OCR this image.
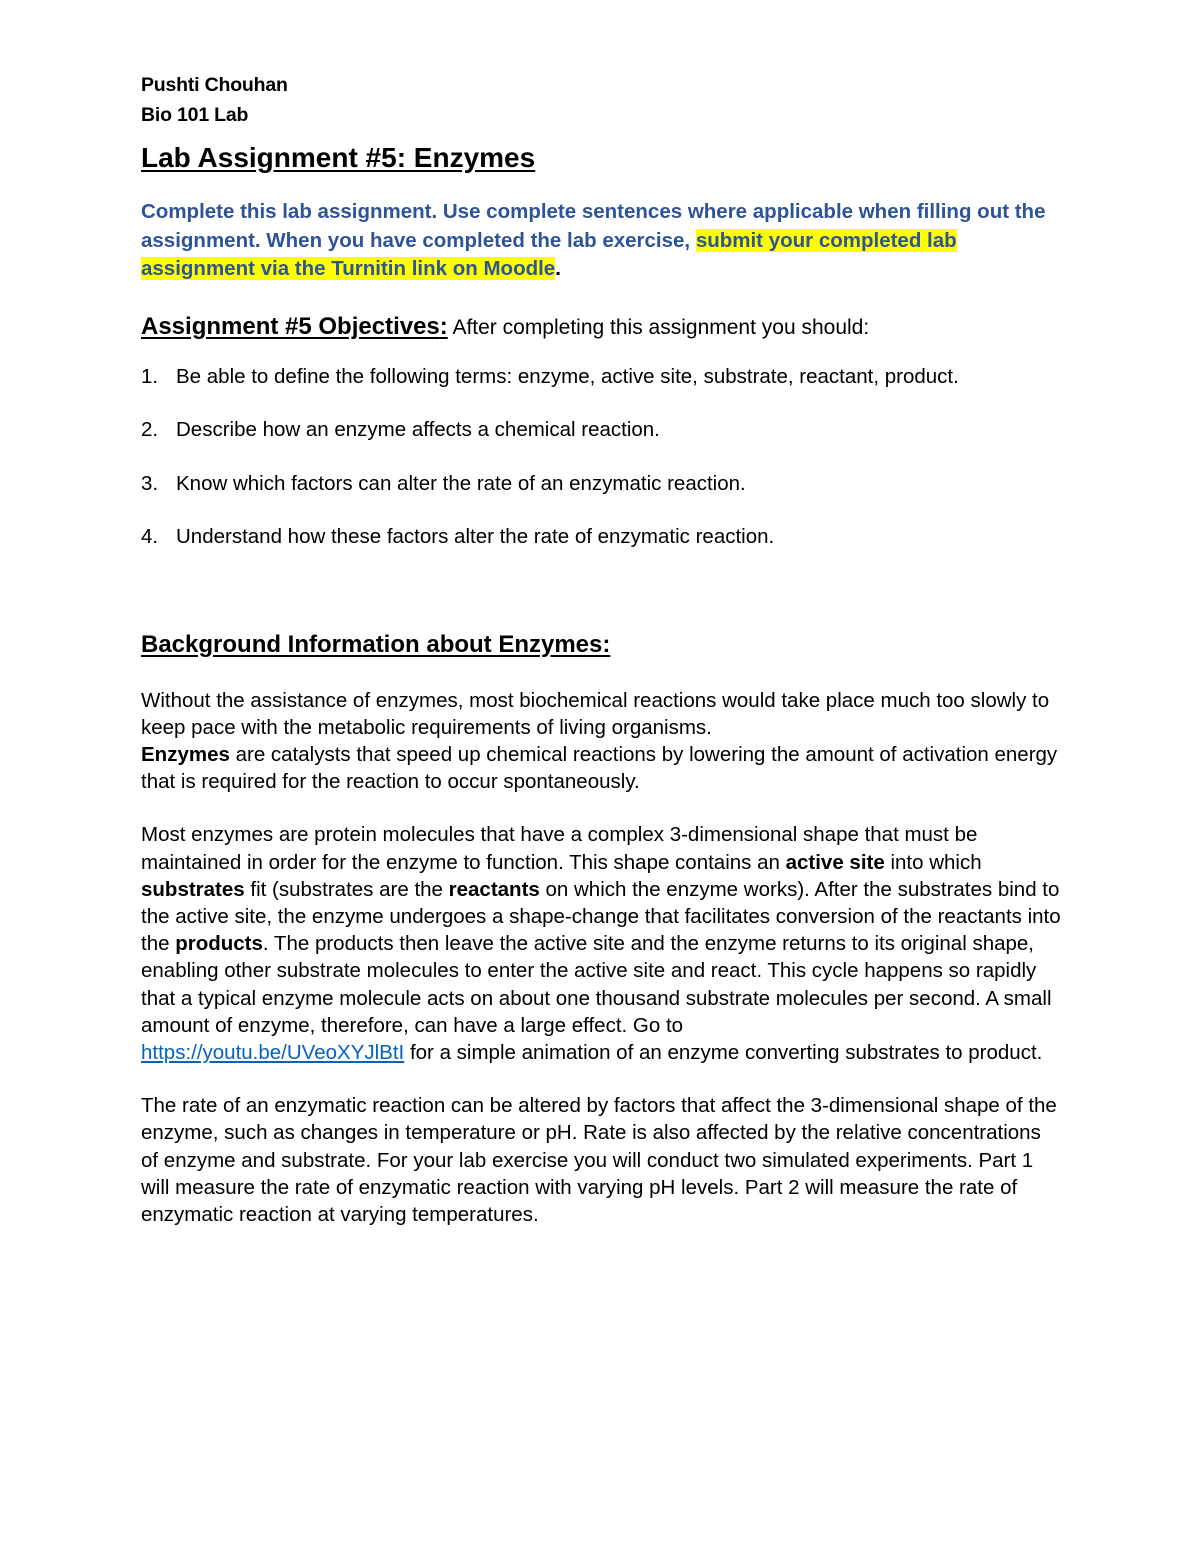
Pushti Chouhan

Bio 101 Lab

Lab Assignment #5: Enzymes

Complete this lab assignment. Use complete sentences where applicable when filling out the assignment. When you have completed the lab exercise, submit your completed lab assignment via the Turnitin link on Moodle.

Assignment #5 Objectives: After completing this assignment you should:

1. Be able to define the following terms: enzyme, active site, substrate, reactant, product.
2. Describe how an enzyme affects a chemical reaction.
3. Know which factors can alter the rate of an enzymatic reaction.
4. Understand how these factors alter the rate of enzymatic reaction.
Background Information about Enzymes:

Without the assistance of enzymes, most biochemical reactions would take place much too slowly to keep pace with the metabolic requirements of living organisms.
Enzymes are catalysts that speed up chemical reactions by lowering the amount of activation energy that is required for the reaction to occur spontaneously.

Most enzymes are protein molecules that have a complex 3-dimensional shape that must be maintained in order for the enzyme to function. This shape contains an active site into which substrates fit (substrates are the reactants on which the enzyme works). After the substrates bind to the active site, the enzyme undergoes a shape-change that facilitates conversion of the reactants into the products. The products then leave the active site and the enzyme returns to its original shape, enabling other substrate molecules to enter the active site and react. This cycle happens so rapidly that a typical enzyme molecule acts on about one thousand substrate molecules per second. A small amount of enzyme, therefore, can have a large effect. Go to
https://youtu.be/UVeoXYJlBtI for a simple animation of an enzyme converting substrates to product.

The rate of an enzymatic reaction can be altered by factors that affect the 3-dimensional shape of the enzyme, such as changes in temperature or pH. Rate is also affected by the relative concentrations of enzyme and substrate. For your lab exercise you will conduct two simulated experiments. Part 1 will measure the rate of enzymatic reaction with varying pH levels. Part 2 will measure the rate of enzymatic reaction at varying temperatures.
